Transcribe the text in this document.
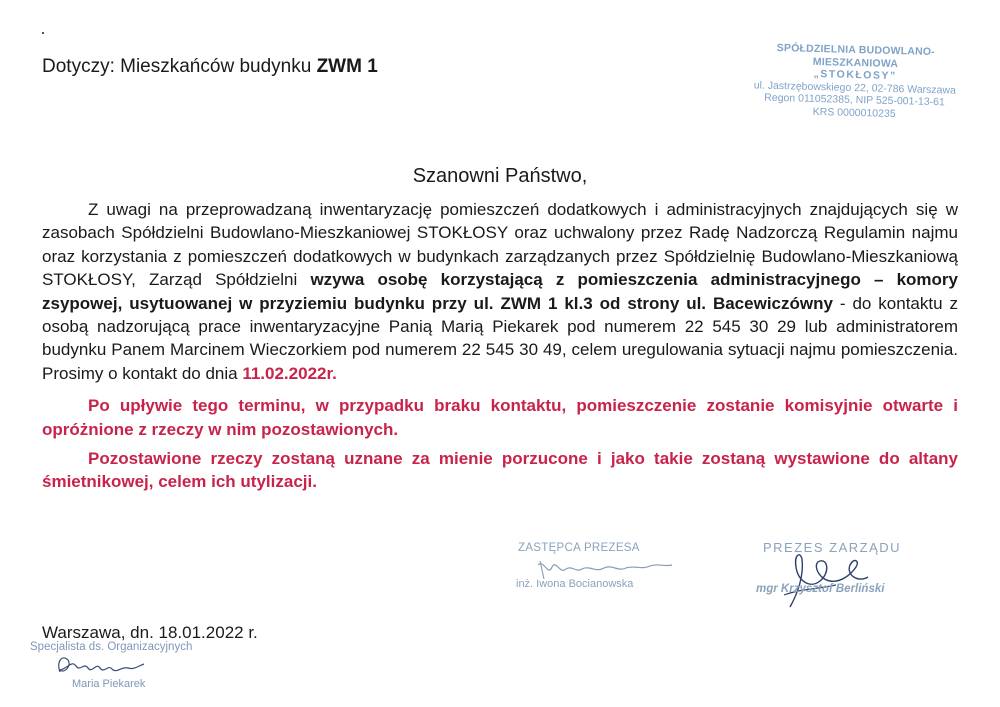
Dotyczy: Mieszkańców budynku ZWM 1
SPÓŁDZIELNIA BUDOWLANO-MIESZKANIOWA
„STOKŁOSY”
ul. Jastrzębowskiego 22, 02-786 Warszawa
Regon 011052385, NIP 525-001-13-61
KRS 0000010235
Szanowni Państwo,

Z uwagi na przeprowadzaną inwentaryzację pomieszczeń dodatkowych i administracyjnych znajdujących się w zasobach Spółdzielni Budowlano-Mieszkaniowej STOKŁOSY oraz uchwalony przez Radę Nadzorczą Regulamin najmu oraz korzystania z pomieszczeń dodatkowych w budynkach zarządzanych przez Spółdzielnię Budowlano-Mieszkaniową STOKŁOSY, Zarząd Spółdzielni wzywa osobę korzystającą z pomieszczenia administracyjnego – komory zsypowej, usytuowanej w przyziemiu budynku przy ul. ZWM 1 kl.3 od strony ul. Bacewiczówny - do kontaktu z osobą nadzorującą prace inwentaryzacyjne Panią Marią Piekarek pod numerem 22 545 30 29 lub administratorem budynku Panem Marcinem Wieczorkiem pod numerem 22 545 30 49, celem uregulowania sytuacji najmu pomieszczenia. Prosimy o kontakt do dnia 11.02.2022r.

Po upływie tego terminu, w przypadku braku kontaktu, pomieszczenie zostanie komisyjnie otwarte i opróżnione z rzeczy w nim pozostawionych.

Pozostawione rzeczy zostaną uznane za mienie porzucone i jako takie zostaną wystawione do altany śmietnikowej, celem ich utylizacji.

ZASTĘPCA PREZESA
inż. Iwona Bocianowska
PREZES ZARZĄDU
mgr Krzysztof Berliński
Warszawa, dn. 18.01.2022 r.
Specjalista ds. Organizacyjnych
Maria Piekarek
